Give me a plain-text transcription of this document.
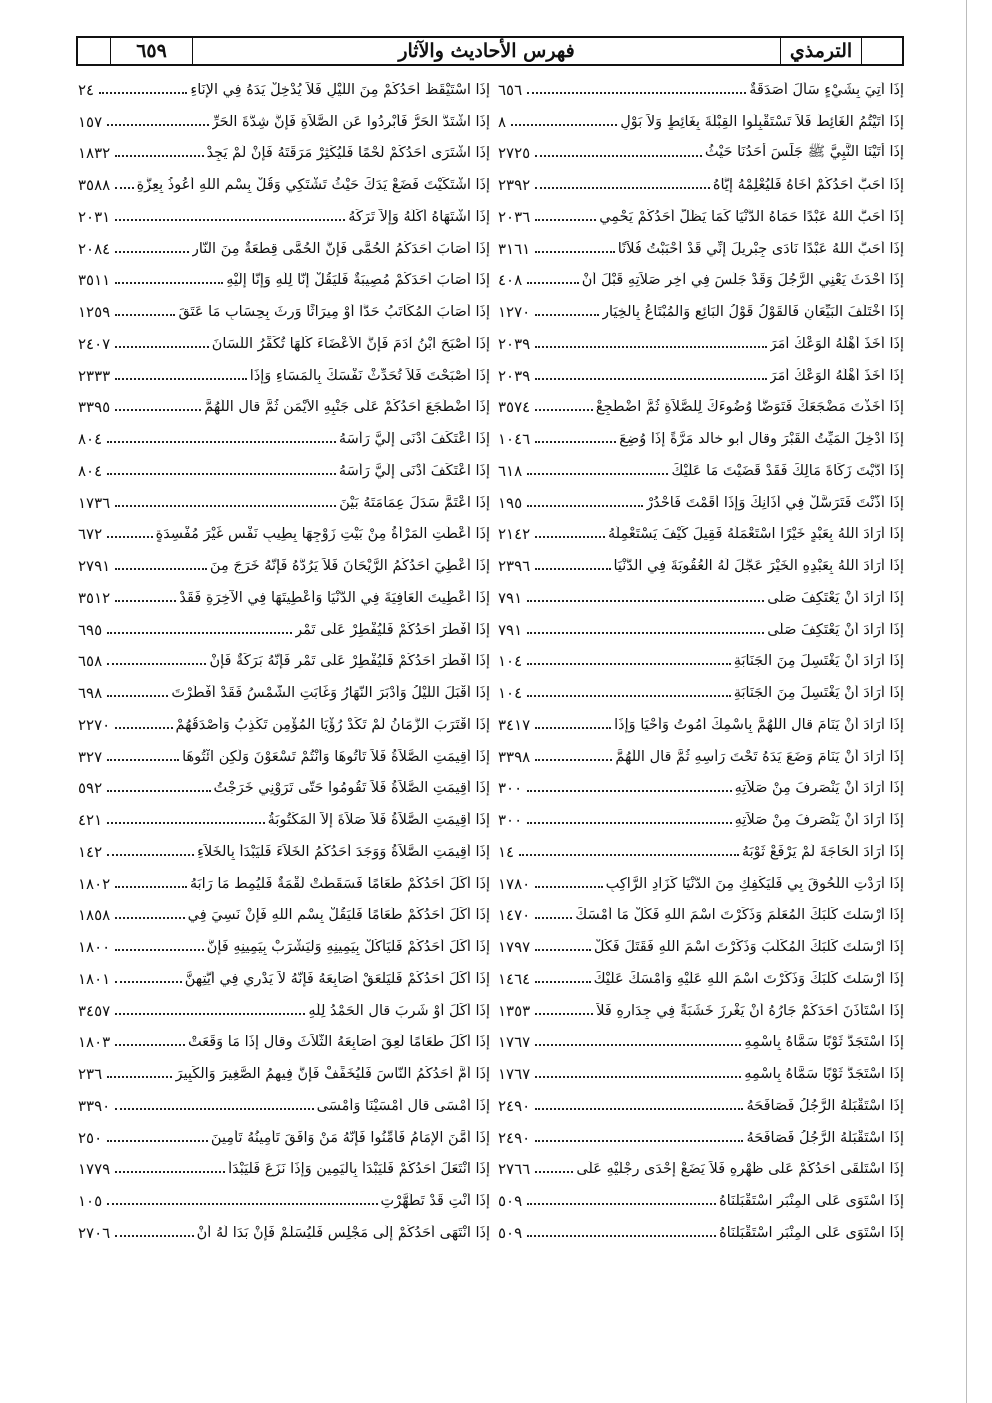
٦٥٩	فهرس الأحاديث والآثار	الترمذي
٢٤	إذَا اسْتَيْقَظَ أَحَدُكُمْ مِنَ اللَّيْلِ فَلاَ يُدْخِلْ يَدَهُ فِي الإِنَاءِ
١٥٧	إذَا اشْتَدَّ الْحَرُّ فَأَبْرِدُوا عَنِ الصَّلاَةِ فَإِنَّ شِدَّةَ الْحَرِّ
١٨٣٢	إذَا اشْتَرَى أَحَدُكُمْ لَحْمًا فَلْيُكْثِرْ مَرَقَتَهُ فَإِنْ لَمْ يَجِدْ
٣٥٨٨ إذَا اشْتَكَيْتَ فَضَعْ يَدَكَ حَيْثُ تَشْتَكِي وَقُلْ بِسْمِ اللهِ أَعُوذُ بِعِزَّةِ
٢٠٣١	إذَا اشْتَهَاهُ أَكَلَهُ وَإِلاَّ تَرَكَهُ
٢٠٨٤	إذَا أَصَابَ أَحَدَكُمُ الْحُمَّى فَإِنَّ الْحُمَّى قِطْعَةٌ مِنَ النَّارِ
٣٥١١	إذَا أَصَابَ أَحَدَكُمْ مُصِيبَةٌ فَلْيَقُلْ إِنَّا لِلَّهِ وَإِنَّا إِلَيْهِ
١٢٥٩	إذَا أَصَابَ الْمُكَاتَبُ حَدًّا أَوْ مِيرَاثًا وَرِثَ بِحِسَابِ مَا عَتَقَ
٢٤٠٧	إذَا أَصْبَحَ ابْنُ آدَمَ فَإِنَّ الأَعْضَاءَ كُلَّهَا تُكَفِّرُ اللِّسَانَ
٢٣٣٣	إذَا أَصْبَحْتَ فَلاَ تُحَدِّثْ نَفْسَكَ بِالْمَسَاءِ وَإِذَا
٣٣٩٥	إذَا اضْطَجَعَ أَحَدُكُمْ عَلَى جَنْبِهِ الأَيْمَنِ ثُمَّ قال اللَّهُمَّ
٨٠٤	إذَا اعْتَكَفَ أَدْنَى إِلَيَّ رَأْسَهُ
٨٠٤	إذَا اعْتَكَفَ أَدْنَى إِلَيَّ رَأْسَهُ
١٧٣٦	إذَا اعْتَمَّ سَدَلَ عِمَامَتَهُ بَيْنَ
٦٧٢	إذَا أَعْطَتِ الْمَرْأَةُ مِنْ بَيْتِ زَوْجِهَا بِطِيبِ نَفْسٍ غَيْرَ مُفْسِدَةٍ
٢٧٩١	إذَا أُعْطِيَ أَحَدُكُمُ الرَّيْحَانَ فَلاَ يَرُدَّهُ فَإِنَّهُ خَرَجَ مِنَ
٣٥١٢	إذَا أُعْطِيتَ الْعَافِيَةَ فِي الدُّنْيَا وَأُعْطِيتَهَا فِي الآخِرَةِ فَقَدْ
٦٩٥	إذَا أَفْطَرَ أَحَدُكُمْ فَلْيُفْطِرْ عَلَى تَمْرٍ
٦٥٨	إذَا أَفْطَرَ أَحَدُكُمْ فَلْيُفْطِرْ عَلَى تَمْرٍ فَإِنَّهُ بَرَكَةٌ فَإِنْ
٦٩٨	إذَا أَقْبَلَ اللَّيْلُ وَأَدْبَرَ النَّهَارُ وَغَابَتِ الشَّمْسُ فَقَدْ أَفْطَرْتَ
٢٢٧٠	إذَا اقْتَرَبَ الزَّمَانُ لَمْ تَكَدْ رُؤْيَا الْمُؤْمِنِ تَكْذِبُ وَأَصْدَقُهُمْ
٣٢٧	إذَا أُقِيمَتِ الصَّلاَةُ فَلاَ تَأْتُوهَا وَأَنْتُمْ تَسْعَوْنَ وَلَكِنِ ائْتُوهَا
٥٩٢	إذَا أُقِيمَتِ الصَّلاَةُ فَلاَ تَقُومُوا حَتَّى تَرَوْنِي خَرَجْتُ
٤٢١	إذَا أُقِيمَتِ الصَّلاَةُ فَلاَ صَلاَةَ إِلاَّ الْمَكْتُوبَةُ
١٤٢	إذَا أُقِيمَتِ الصَّلاَةُ وَوَجَدَ أَحَدُكُمُ الْخَلاَءَ فَلْيَبْدَأْ بِالْخَلاَءِ
١٨٠٢	إذَا أَكَلَ أَحَدُكُمْ طَعَامًا فَسَقَطَتْ لُقْمَةٌ فَلْيُمِطْ مَا رَابَهُ
١٨٥٨	إذَا أَكَلَ أَحَدُكُمْ طَعَامًا فَلْيَقُلْ بِسْمِ اللهِ فَإِنْ نَسِيَ فِي
١٨٠٠	إذَا أَكَلَ أَحَدُكُمْ فَلْيَأْكُلْ بِيَمِينِهِ وَلْيَشْرَبْ بِيَمِينِهِ فَإِنَّ
١٨٠١	إذَا أَكَلَ أَحَدُكُمْ فَلْيَلْعَقْ أَصَابِعَهُ فَإِنَّهُ لاَ يَدْرِي فِي أَيَّتِهِنَّ
٣٤٥٧	إذَا أَكَلَ أَوْ شَرِبَ قال الْحَمْدُ لِلَّهِ
١٨٠٣	إذَا أَكَلَ طَعَامًا لَعِقَ أَصَابِعَهُ الثَّلاَثَ وقال إِذَا مَا وَقَعَتْ
٢٣٦	إذَا أَمَّ أَحَدُكُمُ النَّاسَ فَلْيُخَفِّفْ فَإِنَّ فِيهِمُ الصَّغِيرَ وَالْكَبِيرَ
٣٣٩٠	إذَا أَمْسَى قال أَمْسَيْنَا وَأَمْسَى
٢٥٠	إذَا أَمَّنَ الإِمَامُ فَأَمِّنُوا فَإِنَّهُ مَنْ وَافَقَ تَأْمِينُهُ تَأْمِينَ
١٧٧٩	إذَا انْتَعَلَ أَحَدُكُمْ فَلْيَبْدَأْ بِالْيَمِينِ وَإِذَا نَزَعَ فَلْيَبْدَأْ
١٠٥	إذَا أَنْتِ قَدْ تَطَهَّرْتِ
٢٧٠٦	إذَا انْتَهَى أَحَدُكُمْ إِلَى مَجْلِسٍ فَلْيُسَلِّمْ فَإِنْ بَدَا لَهُ أَنْ
٦٥٦	إذَا أُتِيَ بِشَيْءٍ سَأَلَ أَصَدَقَةٌ
٨	إذَا أَتَيْتُمُ الْغَائِطَ فَلاَ تَسْتَقْبِلُوا الْقِبْلَةَ بِغَائِطٍ وَلاَ بَوْلٍ
٢٧٢٥	إذَا أَتَيْنَا النَّبِيَّ ﷺ جَلَسَ أَحَدُنَا حَيْثُ
٢٣٩٢	إذَا أَحَبَّ أَحَدُكُمْ أَخَاهُ فَلْيُعْلِمْهُ إِيَّاهُ
٢٠٣٦	إذَا أَحَبَّ اللهُ عَبْدًا حَمَاهُ الدُّنْيَا كَمَا يَظَلُّ أَحَدُكُمْ يَحْمِي
٣١٦١	إذَا أَحَبَّ اللهُ عَبْدًا نَادَى جِبْرِيلَ إِنِّي قَدْ أَحْبَبْتُ فُلاَنًا
٤٠٨	إذَا أَحْدَثَ يَعْنِي الرَّجُلَ وَقَدْ جَلَسَ فِي آخِرِ صَلاَتِهِ قَبْلَ أَنْ
١٢٧٠	إذَا اخْتَلَفَ الْبَيِّعَانِ فَالْقَوْلُ قَوْلُ الْبَائِعِ وَالْمُبْتَاعُ بِالْخِيَارِ
٢٠٣٩	إذَا أَخَذَ أَهْلُهُ الْوَعْكُ أَمَرَ
٢٠٣٩	إذَا أَخَذَ أَهْلَهُ الْوَعْكُ أَمَرَ
٣٥٧٤	إذَا أَخَذْتَ مَضْجَعَكَ فَتَوَضَّأْ وُضُوءَكَ لِلصَّلاَةِ ثُمَّ اضْطَجِعْ
١٠٤٦	إذَا أُدْخِلَ الْمَيِّتُ الْقَبْرَ وقال أبو خالد مَرَّةً إِذَا وُضِعَ
٦١٨	إذَا أَدَّيْتَ زَكَاةَ مَالِكَ فَقَدْ قَضَيْتَ مَا عَلَيْكَ
١٩٥	إذَا أَذَّنْتَ فَتَرَسَّلْ فِي أَذَانِكَ وَإِذَا أَقَمْتَ فَاحْدُرْ
٢١٤٢	إذَا أَرَادَ اللهُ بِعَبْدٍ خَيْرًا اسْتَعْمَلَهُ فَقِيلَ كَيْفَ يَسْتَعْمِلُهُ
٢٣٩٦	إذَا أَرَادَ اللهُ بِعَبْدِهِ الْخَيْرَ عَجَّلَ لَهُ الْعُقُوبَةَ فِي الدُّنْيَا
٧٩١	إذَا أَرَادَ أَنْ يَعْتَكِفَ صَلَّى
٧٩١	إذَا أَرَادَ أَنْ يَعْتَكِفَ صَلَّى
١٠٤	إذَا أَرَادَ أَنْ يَغْتَسِلَ مِنَ الْجَنَابَةِ
١٠٤	إذَا أَرَادَ أَنْ يَغْتَسِلَ مِنَ الْجَنَابَةِ
٣٤١٧	إذَا أَرَادَ أَنْ يَنَامَ قال اللَّهُمَّ بِاسْمِكَ أَمُوتُ وَأَحْيَا وَإِذَا
٣٣٩٨	إذَا أَرَادَ أَنْ يَنَامَ وَضَعَ يَدَهُ تَحْتَ رَأْسِهِ ثُمَّ قال اللَّهُمَّ
٣٠٠	إذَا أَرَادَ أَنْ يَنْصَرِفَ مِنْ صَلاَتِهِ
٣٠٠	إذَا أَرَادَ أَنْ يَنْصَرِفَ مِنْ صَلاَتِهِ
١٤	إذَا أَرَادَ الْحَاجَةَ لَمْ يَرْفَعْ ثَوْبَهُ
١٧٨٠	إذَا أَرَدْتِ اللُّحُوقَ بِي فَلْيَكْفِكِ مِنَ الدُّنْيَا كَزَادِ الرَّاكِبِ
١٤٧٠	إذَا أَرْسَلْتَ كَلْبَكَ الْمُعَلَّمَ وَذَكَرْتَ اسْمَ اللهِ فَكُلْ مَا أَمْسَكَ
١٧٩٧	إذَا أَرْسَلْتَ كَلْبَكَ الْمُكَلَّبَ وَذَكَرْتَ اسْمَ اللهِ فَقَتَلَ فَكُلْ
١٤٦٤	إذَا أَرْسَلْتَ كَلْبَكَ وَذَكَرْتَ اسْمَ اللهِ عَلَيْهِ وَأَمْسَكَ عَلَيْكَ
١٣٥٣	إذَا اسْتَأْذَنَ أَحَدَكُمْ جَارُهُ أَنْ يَغْرِزَ خَشَبَةً فِي جِدَارِهِ فَلاَ
١٧٦٧	إذَا اسْتَجَدَّ ثَوْبًا سَمَّاهُ بِاسْمِهِ
١٧٦٧	إذَا اسْتَجَدَّ ثَوْبًا سَمَّاهُ بِاسْمِهِ
٢٤٩٠	إذَا اسْتَقْبَلَهُ الرَّجُلُ فَصَافَحَهُ
٢٤٩٠	إذَا اسْتَقْبَلَهُ الرَّجُلُ فَصَافَحَهُ
٢٧٦٦	إذَا اسْتَلْقَى أَحَدُكُمْ عَلَى ظَهْرِهِ فَلاَ يَضَعْ إِحْدَى رِجْلَيْهِ عَلَى
٥٠٩	إذَا اسْتَوَى عَلَى الْمِنْبَرِ اسْتَقْبَلْنَاهُ
٥٠٩	إذَا اسْتَوَى عَلَى الْمِنْبَرِ اسْتَقْبَلْنَاهُ
